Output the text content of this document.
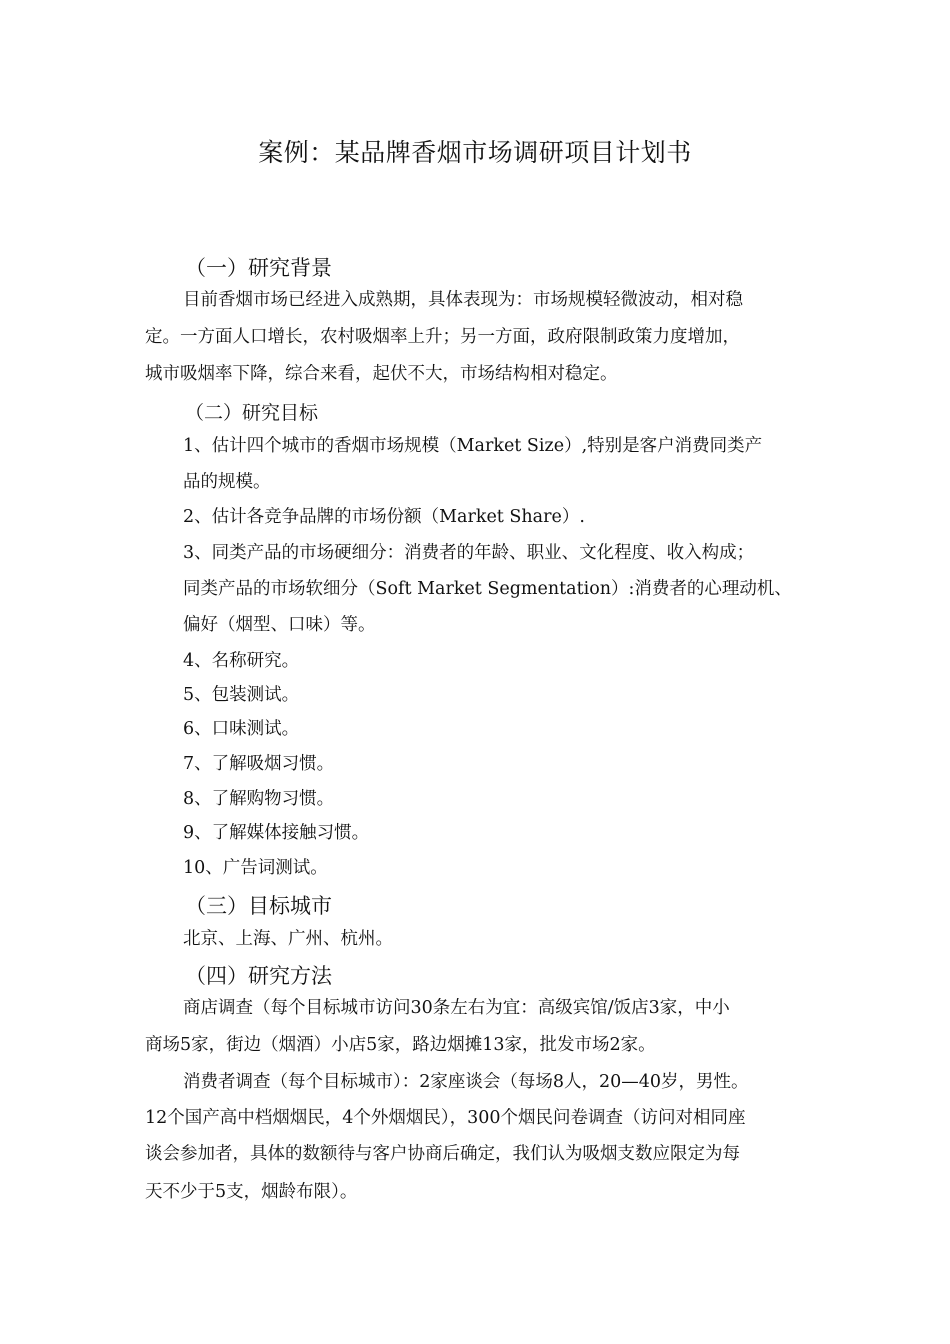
案例：某品牌香烟市场调研项目计划书
（一）研究背景
目前香烟市场已经进入成熟期，具体表现为：市场规模轻微波动，相对稳
定。一方面人口增长，农村吸烟率上升；另一方面，政府限制政策力度增加，
城市吸烟率下降，综合来看，起伏不大，市场结构相对稳定。
（二）研究目标
1、估计四个城市的香烟市场规模（Market Size）,特别是客户消费同类产
品的规模。
2、估计各竞争品牌的市场份额（Market Share）.
3、同类产品的市场硬细分：消费者的年龄、职业、文化程度、收入构成；
同类产品的市场软细分（Soft Market Segmentation）:消费者的心理动机、
偏好（烟型、口味）等。
4、名称研究。
5、包装测试。
6、口味测试。
7、了解吸烟习惯。
8、了解购物习惯。
9、了解媒体接触习惯。
10、广告词测试。
（三）目标城市
北京、上海、广州、杭州。
（四）研究方法
商店调查（每个目标城市访问30条左右为宜：高级宾馆/饭店3家，中小
商场5家，街边（烟酒）小店5家，路边烟摊13家，批发市场2家。
消费者调查（每个目标城市）：2家座谈会（每场8人，20—40岁，男性。
12个国产高中档烟烟民，4个外烟烟民），300个烟民问卷调查（访问对相同座
谈会参加者，具体的数额待与客户协商后确定，我们认为吸烟支数应限定为每
天不少于5支，烟龄布限）。
